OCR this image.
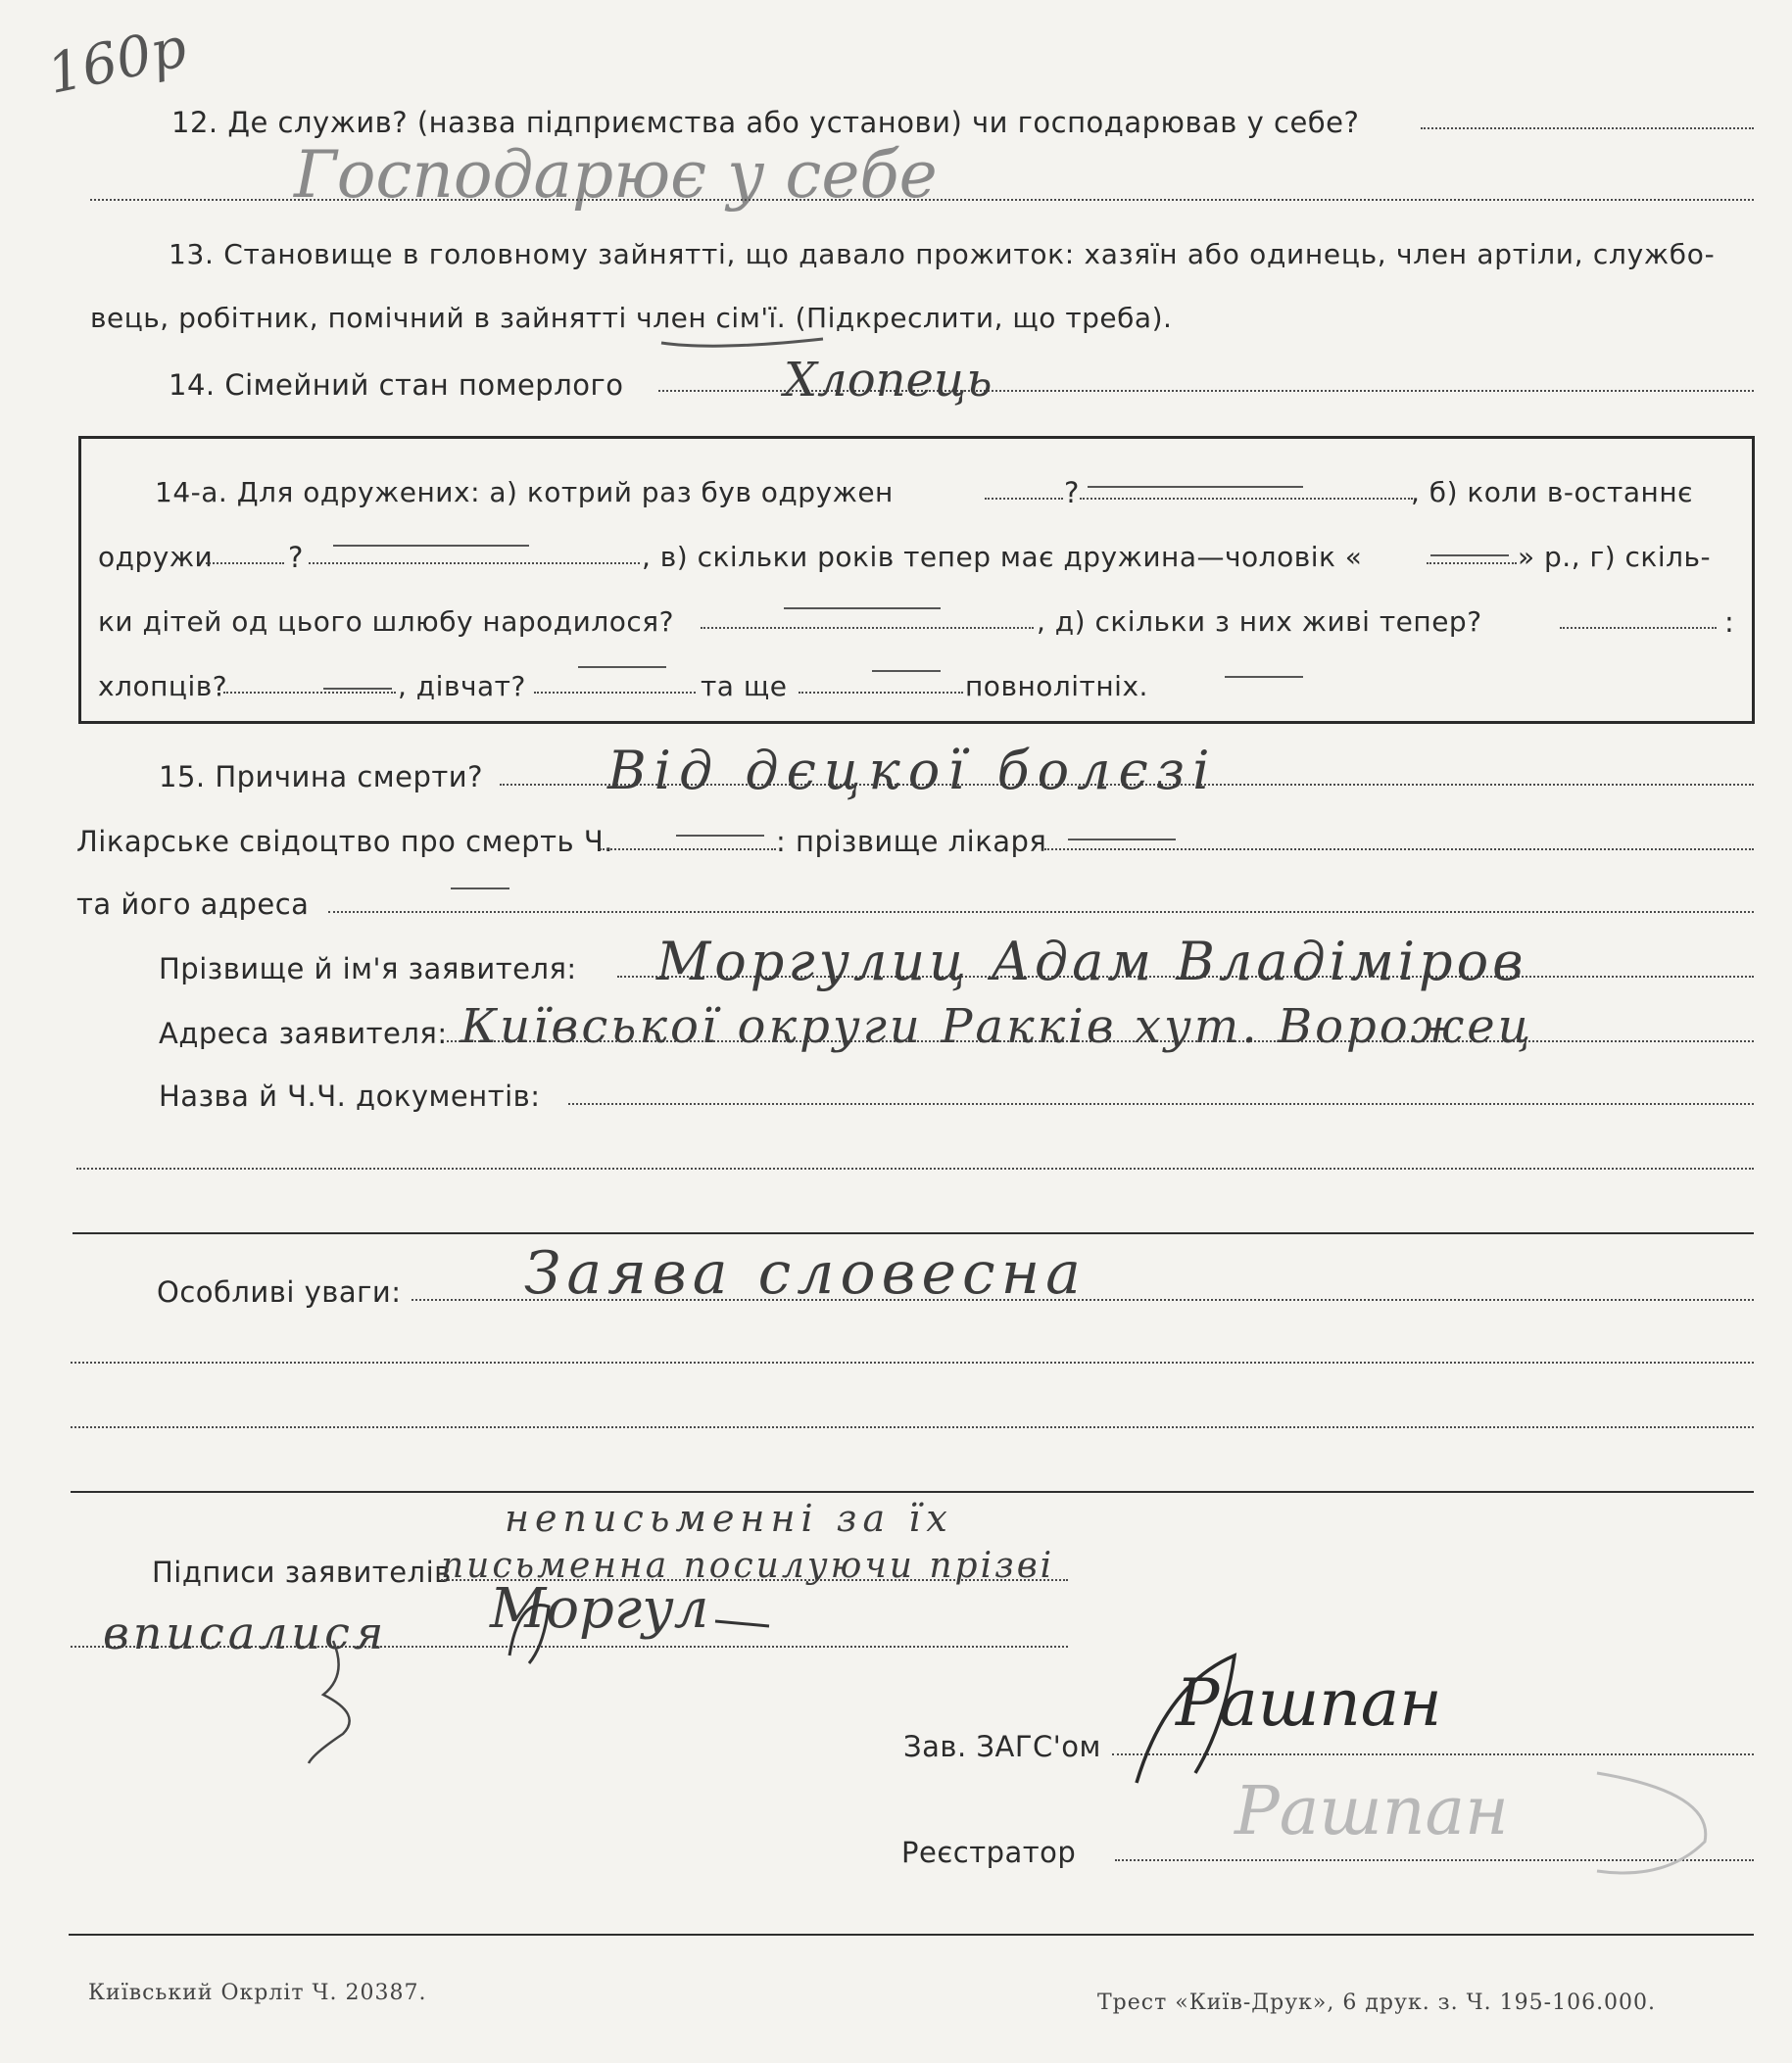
160р
12. Де служив? (назва підприємства або установи) чи господарював у себе?
Господарює у себе
13. Становище в головному зайнятті, що давало прожиток: хазяїн або одинець, член артіли, службо-
вець, робітник, помічний в зайнятті член сім'ї. (Підкреслити, що треба).
14. Сімейний стан померлого	Хлопець
14-а. Для одружених: а) котрий раз був одружен	?	, б) коли в-останнє
одружи	?	, в) скільки років тепер має дружина—чоловік «	» р., г) скіль-
ки дітей од цього шлюбу народилося?	, д) скільки з них живі тепер?	:
хлопців?	, дівчат?	та ще	повнолітніх.
15. Причина смерти? Від дєцкої болєзі
Лікарське свідоцтво про смерть Ч.	: прізвище лікаря
та його адреса
Прізвище й ім'я заявителя: Моргулиц Адам Владіміров
Адреса заявителя: Київської округи Ракків хут. Ворожец
Назва й Ч.Ч. документів:
Особливі уваги: Заява словесна
неписьменні за їх
Підписи заявителів
письменна посилуючи прізві
вписалися Моргул
Зав. ЗАГС'ом
Рашпан
Реєстратор
Рашпан
Київський Окрліт Ч. 20387.	Трест «Київ-Друк», 6 друк. з. Ч. 195-106.000.
